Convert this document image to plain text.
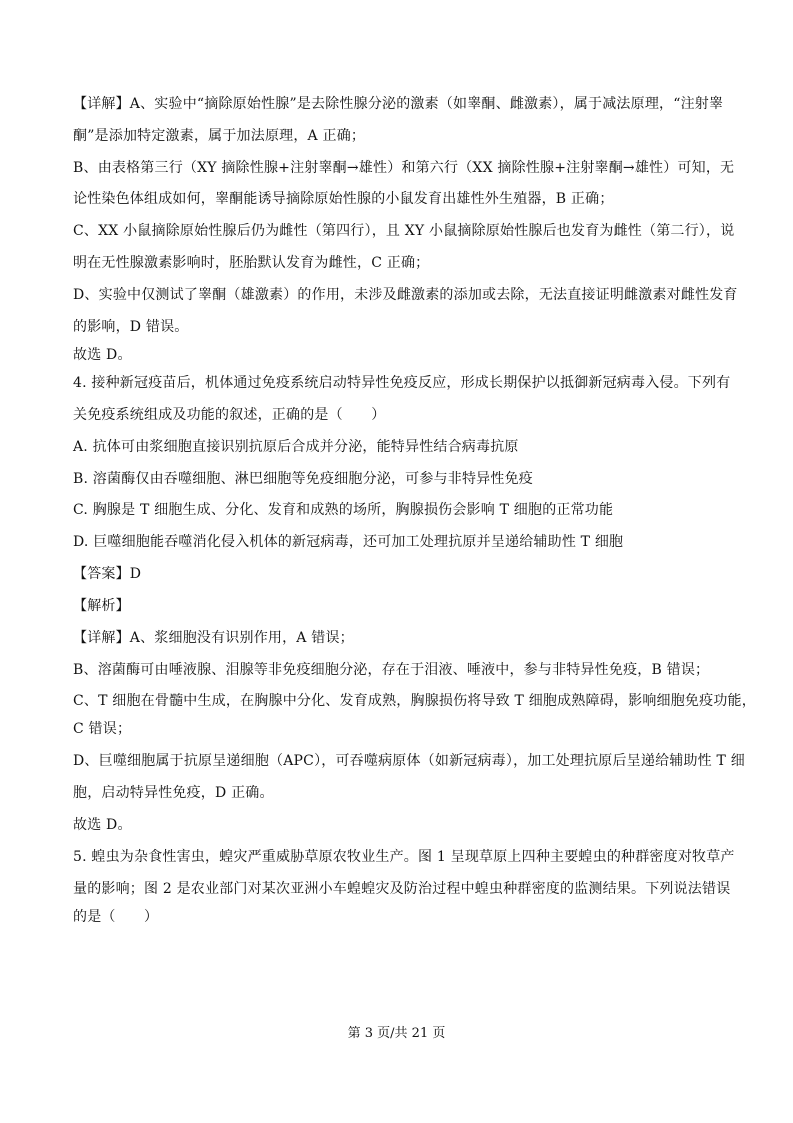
【详解】A、实验中“摘除原始性腺”是去除性腺分泌的激素（如睾酮、雌激素），属于减法原理，“注射睾
酮”是添加特定激素，属于加法原理，A 正确；
B、由表格第三行（XY 摘除性腺+注射睾酮→雄性）和第六行（XX 摘除性腺+注射睾酮→雄性）可知，无
论性染色体组成如何，睾酮能诱导摘除原始性腺的小鼠发育出雄性外生殖器，B 正确；
C、XX 小鼠摘除原始性腺后仍为雌性（第四行），且 XY 小鼠摘除原始性腺后也发育为雌性（第二行），说
明在无性腺激素影响时，胚胎默认发育为雌性，C 正确；
D、实验中仅测试了睾酮（雄激素）的作用，未涉及雌激素的添加或去除，无法直接证明雌激素对雌性发育
的影响，D 错误。
故选 D。
4. 接种新冠疫苗后，机体通过免疫系统启动特异性免疫反应，形成长期保护以抵御新冠病毒入侵。下列有
关免疫系统组成及功能的叙述，正确的是（　　）
A. 抗体可由浆细胞直接识别抗原后合成并分泌，能特异性结合病毒抗原
B. 溶菌酶仅由吞噬细胞、淋巴细胞等免疫细胞分泌，可参与非特异性免疫
C. 胸腺是 T 细胞生成、分化、发育和成熟的场所，胸腺损伤会影响 T 细胞的正常功能
D. 巨噬细胞能吞噬消化侵入机体的新冠病毒，还可加工处理抗原并呈递给辅助性 T 细胞
【答案】D
【解析】
【详解】A、浆细胞没有识别作用，A 错误；
B、溶菌酶可由唾液腺、泪腺等非免疫细胞分泌，存在于泪液、唾液中，参与非特异性免疫，B 错误；
C、T 细胞在骨髓中生成，在胸腺中分化、发育成熟，胸腺损伤将导致 T 细胞成熟障碍，影响细胞免疫功能，
C 错误；
D、巨噬细胞属于抗原呈递细胞（APC），可吞噬病原体（如新冠病毒），加工处理抗原后呈递给辅助性 T 细
胞，启动特异性免疫，D 正确。
故选 D。
5. 蝗虫为杂食性害虫，蝗灾严重威胁草原农牧业生产。图 1 呈现草原上四种主要蝗虫的种群密度对牧草产
量的影响；图 2 是农业部门对某次亚洲小车蝗蝗灾及防治过程中蝗虫种群密度的监测结果。下列说法错误
的是（　　）
第 3 页/共 21 页
